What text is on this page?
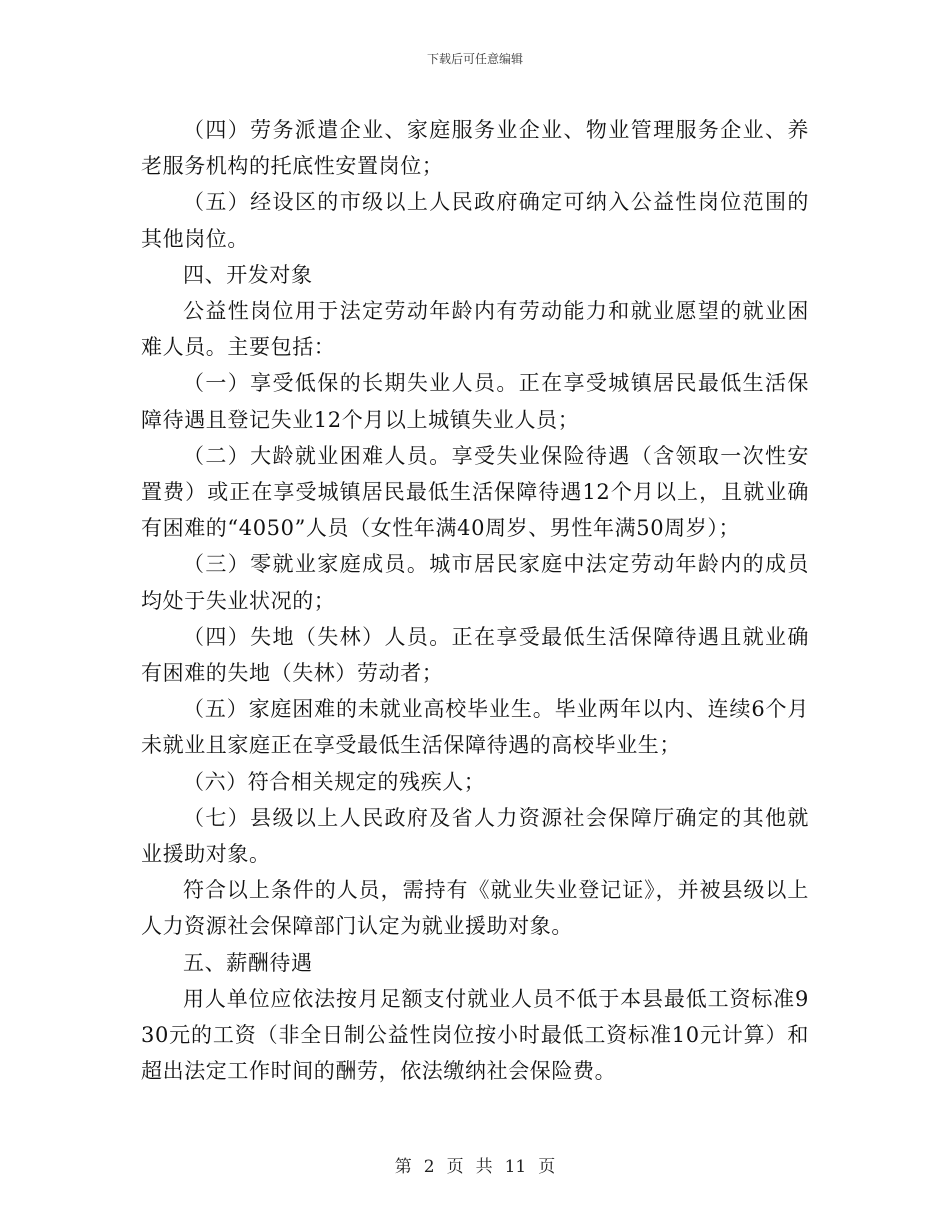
下载后可任意编辑

（四）劳务派遣企业、家庭服务业企业、物业管理服务企业、养老服务机构的托底性安置岗位；

（五）经设区的市级以上人民政府确定可纳入公益性岗位范围的其他岗位。

四、开发对象

公益性岗位用于法定劳动年龄内有劳动能力和就业愿望的就业困难人员。主要包括：

（一）享受低保的长期失业人员。正在享受城镇居民最低生活保障待遇且登记失业12个月以上城镇失业人员；

（二）大龄就业困难人员。享受失业保险待遇（含领取一次性安置费）或正在享受城镇居民最低生活保障待遇12个月以上，且就业确有困难的“4050”人员（女性年满40周岁、男性年满50周岁）；

（三）零就业家庭成员。城市居民家庭中法定劳动年龄内的成员均处于失业状况的；

（四）失地（失林）人员。正在享受最低生活保障待遇且就业确有困难的失地（失林）劳动者；

（五）家庭困难的未就业高校毕业生。毕业两年以内、连续6个月未就业且家庭正在享受最低生活保障待遇的高校毕业生；

（六）符合相关规定的残疾人；

（七）县级以上人民政府及省人力资源社会保障厅确定的其他就业援助对象。

符合以上条件的人员，需持有《就业失业登记证》，并被县级以上人力资源社会保障部门认定为就业援助对象。

五、薪酬待遇

用人单位应依法按月足额支付就业人员不低于本县最低工资标准930元的工资（非全日制公益性岗位按小时最低工资标准10元计算）和超出法定工作时间的酬劳，依法缴纳社会保险费。

第 2 页 共 11 页
